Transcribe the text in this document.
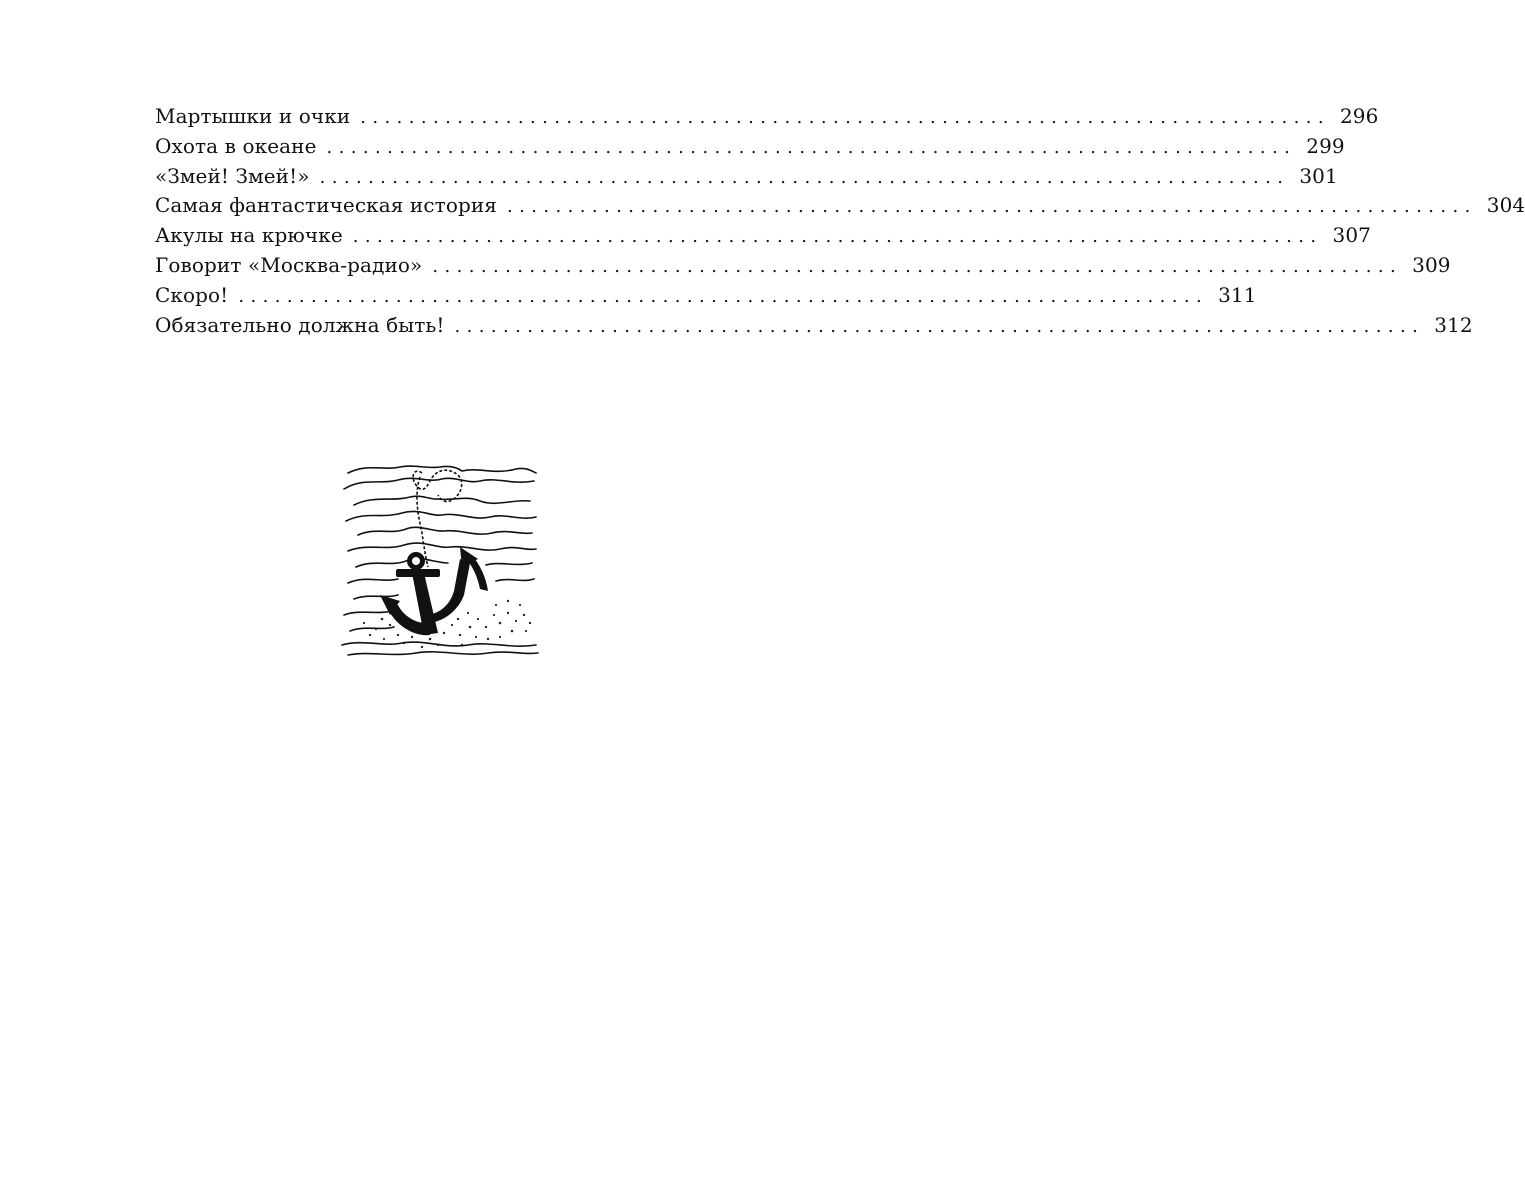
Мартышки и очки ................................................................................ 296
Охота в океане ................................................................................ 299
«Змей! Змей!» ................................................................................ 301
Самая фантастическая история ................................................................................ 304
Акулы на крючке ................................................................................ 307
Говорит «Москва-радио» ................................................................................ 309
Скоро! ................................................................................ 311
Обязательно должна быть! ................................................................................ 312
